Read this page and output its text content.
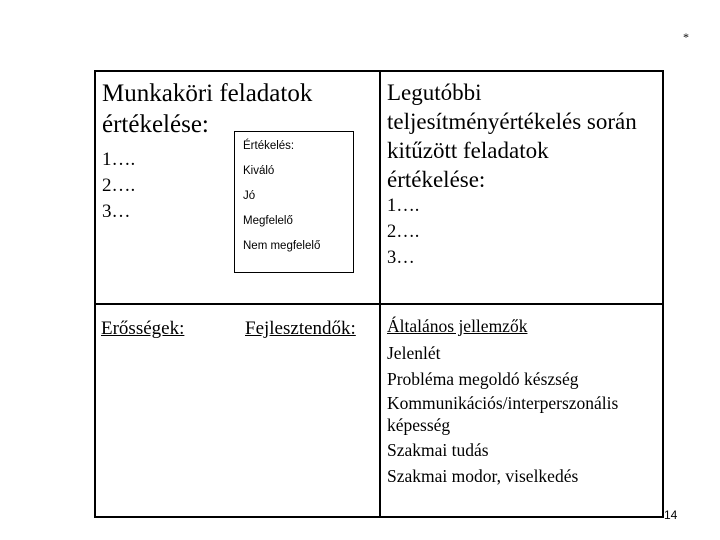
*
Munkaköri feladatok
értékelése:
1….
2….
3…
Értékelés:
Kiváló
Jó
Megfelelő
Nem megfelelő
Legutóbbi
teljesítményértékelés során
kitűzött feladatok
értékelése:
1….
2….
3…
Erősségek:	Fejlesztendők: Általános jellemzők
Jelenlét
Probléma megoldó készség
Kommunikációs/interperszonális
képesség
Szakmai tudás
Szakmai modor, viselkedés
14
